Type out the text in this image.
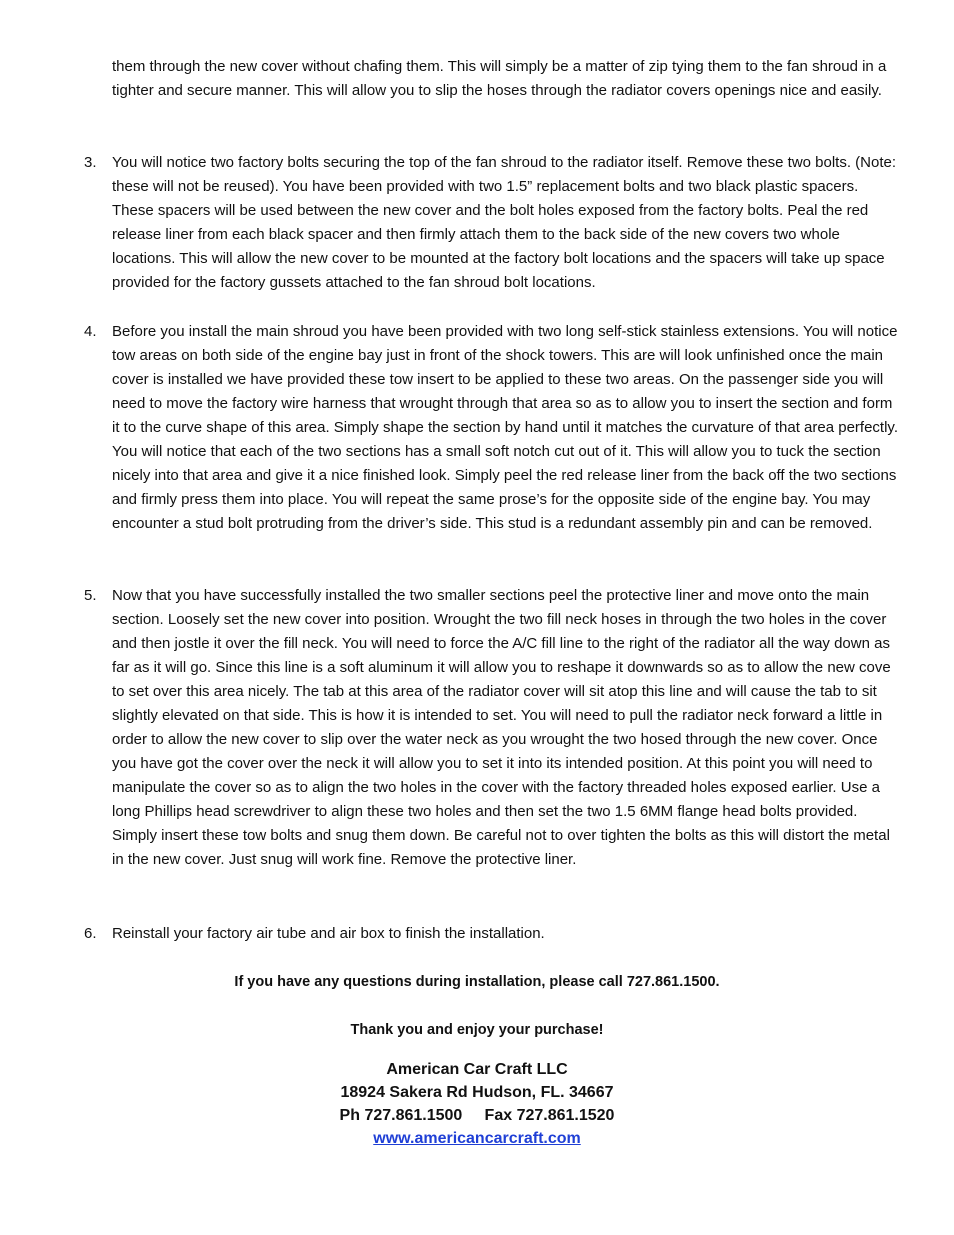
them through the new cover without chafing them. This will simply be a matter of zip tying them to the fan shroud in a tighter and secure manner. This will allow you to slip the hoses through the radiator covers openings nice and easily.

3.	You will notice two factory bolts securing the top of the fan shroud to the radiator itself. Remove these two bolts. (Note: these will not be reused). You have been provided with two 1.5” replacement bolts and two black plastic spacers. These spacers will be used between the new cover and the bolt holes exposed from the factory bolts. Peal the red release liner from each black spacer and then firmly attach them to the back side of the new covers two whole locations. This will allow the new cover to be mounted at the factory bolt locations and the spacers will take up space provided for the factory gussets attached to the fan shroud bolt locations.
4.	Before you install the main shroud you have been provided with two long self-stick stainless extensions. You will notice tow areas on both side of the engine bay just in front of the shock towers. This are will look unfinished once the main cover is installed we have provided these tow insert to be applied to these two areas. On the passenger side you will need to move the factory wire harness that wrought through that area so as to allow you to insert the section and form it to the curve shape of this area. Simply shape the section by hand until it matches the curvature of that area perfectly. You will notice that each of the two sections has a small soft notch cut out of it. This will allow you to tuck the section nicely into that area and give it a nice finished look. Simply peel the red release liner from the back off the two sections and firmly press them into place. You will repeat the same prose’s for the opposite side of the engine bay. You may encounter a stud bolt protruding from the driver’s side. This stud is a redundant assembly pin and can be removed.
5.	Now that you have successfully installed the two smaller sections peel the protective liner and move onto the main section. Loosely set the new cover into position. Wrought the two fill neck hoses in through the two holes in the cover and then jostle it over the fill neck. You will need to force the A/C fill line to the right of the radiator all the way down as far as it will go. Since this line is a soft aluminum it will allow you to reshape it downwards so as to allow the new cove to set over this area nicely. The tab at this area of the radiator cover will sit atop this line and will cause the tab to sit slightly elevated on that side. This is how it is intended to set. You will need to pull the radiator neck forward a little in order to allow the new cover to slip over the water neck as you wrought the two hosed through the new cover. Once you have got the cover over the neck it will allow you to set it into its intended position. At this point you will need to manipulate the cover so as to align the two holes in the cover with the factory threaded holes exposed earlier. Use a long Phillips head screwdriver to align these two holes and then set the two 1.5 6MM flange head bolts provided. Simply insert these tow bolts and snug them down. Be careful not to over tighten the bolts as this will distort the metal in the new cover. Just snug will work fine. Remove the protective liner.
6.	Reinstall your factory air tube and air box to finish the installation.

If you have any questions during installation, please call 727.861.1500.

Thank you and enjoy your purchase!

American Car Craft LLC
18924 Sakera Rd Hudson, FL. 34667
Ph 727.861.1500 Fax 727.861.1520
www.americancarcraft.com
